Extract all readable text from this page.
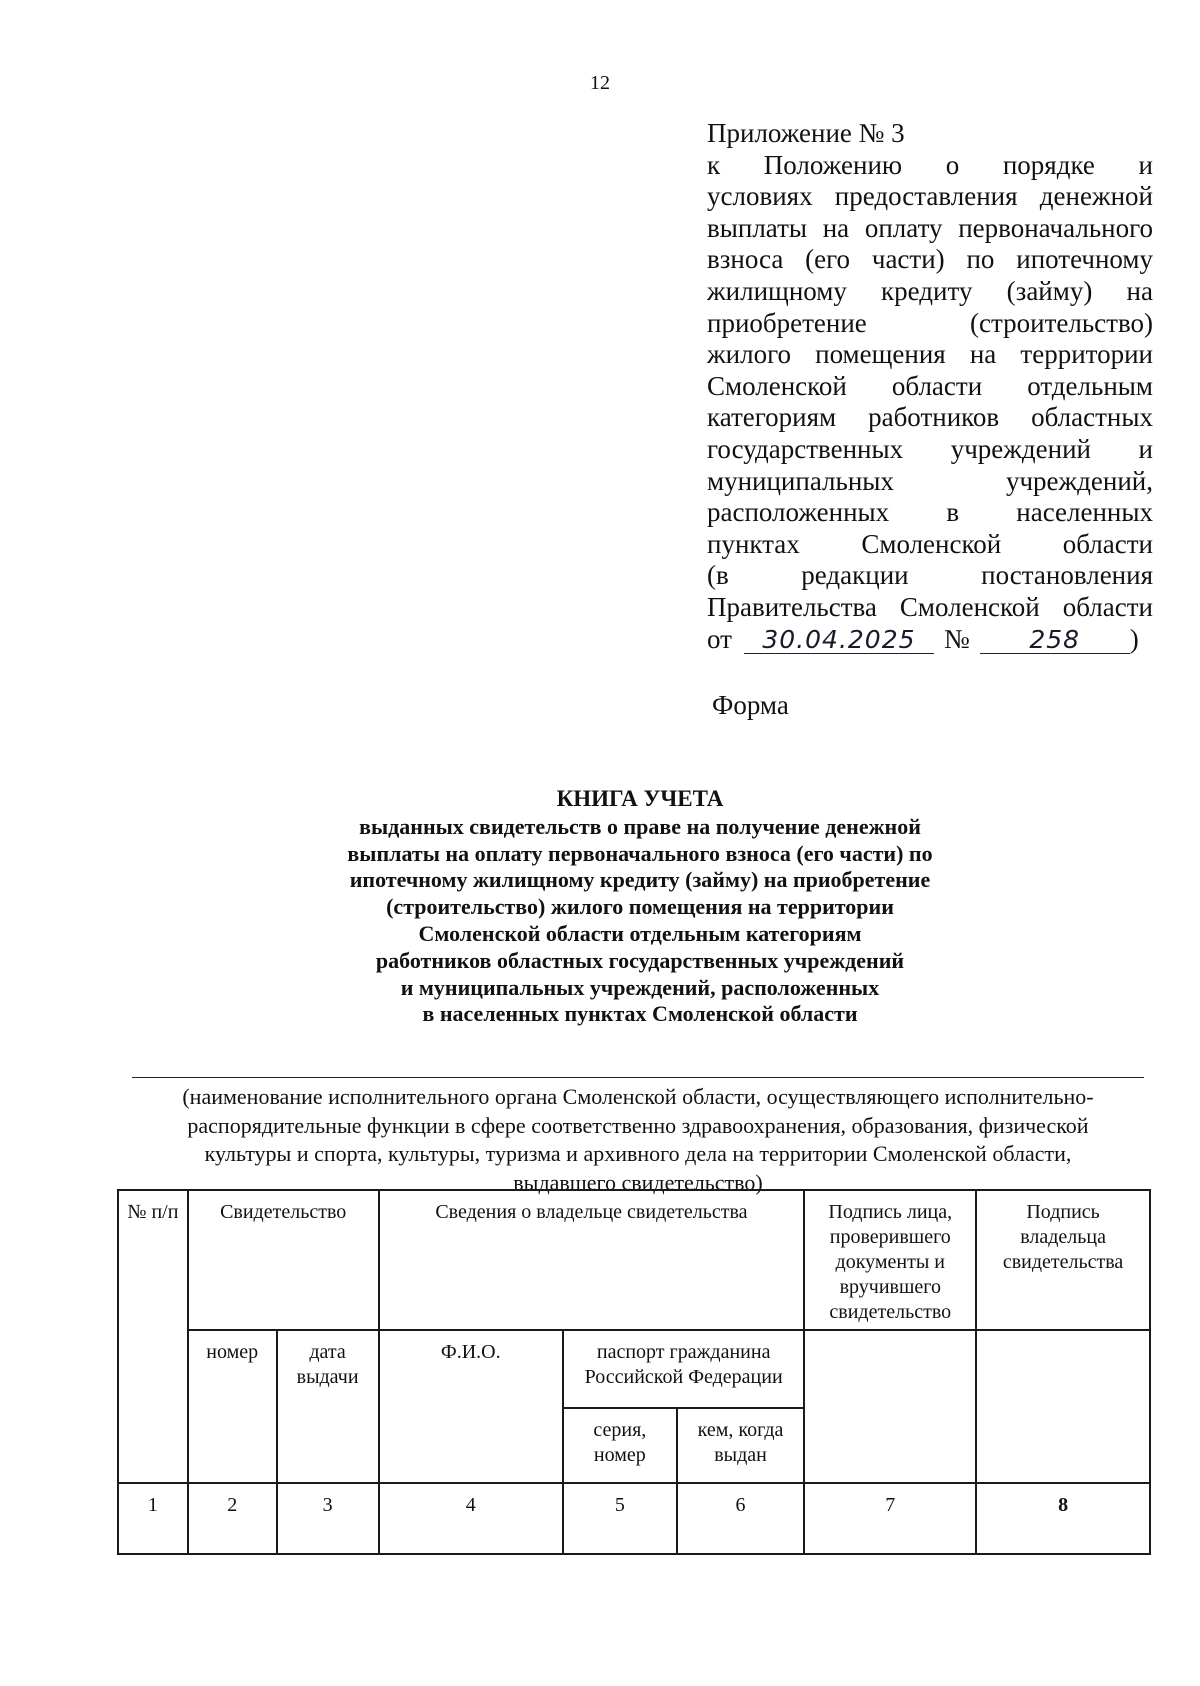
12
Приложение № 3
к Положению о порядке и
условиях предоставления денежной
выплаты на оплату первоначального
взноса (его части) по ипотечному
жилищному кредиту (займу) на
приобретение (строительство)
жилого помещения на территории
Смоленской области отдельным
категориям работников областных
государственных учреждений и
муниципальных учреждений,
расположенных в населенных
пунктах Смоленской области
(в редакции постановления
Правительства Смоленской области
от	30.04.2025	№	258	)
Форма
КНИГА УЧЕТА
выданных свидетельств о праве на получение денежной
выплаты на оплату первоначального взноса (его части) по
ипотечному жилищному кредиту (займу) на приобретение
(строительство) жилого помещения на территории
Смоленской области отдельным категориям
работников областных государственных учреждений
и муниципальных учреждений, расположенных
в населенных пунктах Смоленской области
(наименование исполнительного органа Смоленской области, осуществляющего исполнительно-
распорядительные функции в сфере соответственно здравоохранения, образования, физической
культуры и спорта, культуры, туризма и архивного дела на территории Смоленской области,
выдавшего свидетельство)
№ п/п	Свидетельство		Сведения о владельце свидетельства			Подпись лица, проверившего документы и вручившего свидетельство	Подпись владельца свидетельства
	номер	дата выдачи	Ф.И.О.	паспорт гражданина Российской Федерации			
				серия, номер	кем, когда выдан		
1	2	3	4	5	6	7	8
